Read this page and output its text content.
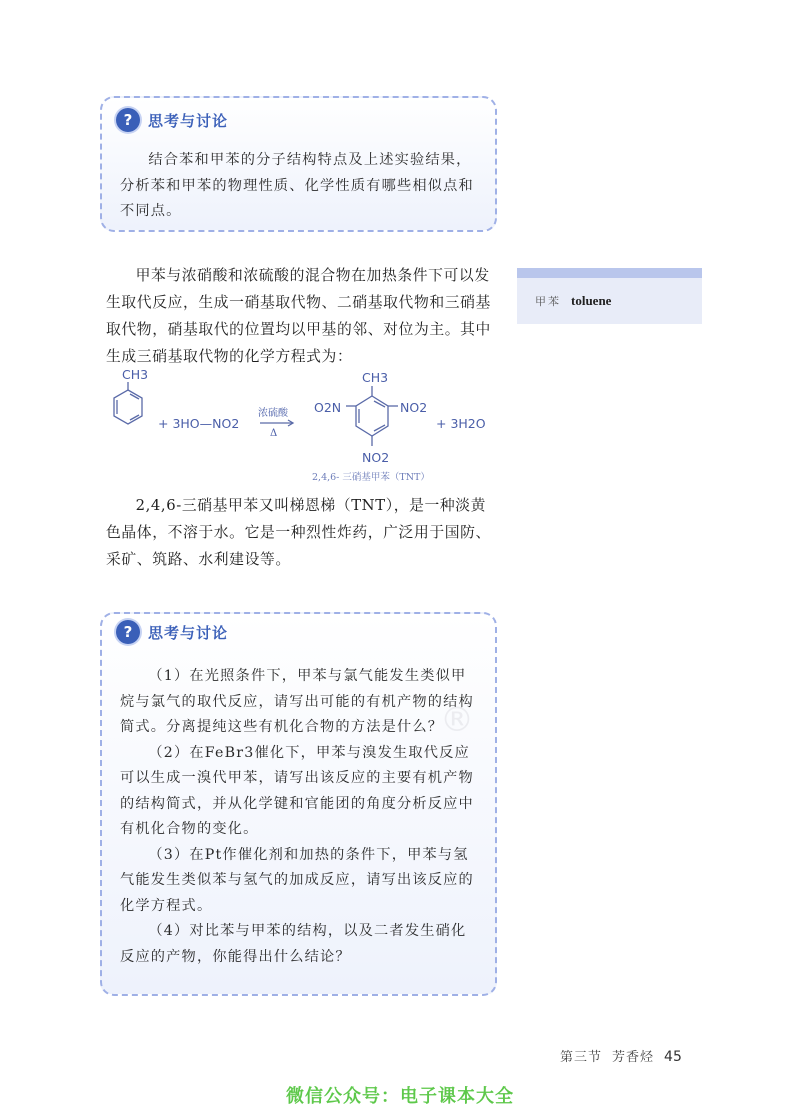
?	思考与讨论

结合苯和甲苯的分子结构特点及上述实验结果，分析苯和甲苯的物理性质、化学性质有哪些相似点和不同点。

甲苯与浓硝酸和浓硫酸的混合物在加热条件下可以发生取代反应，生成一硝基取代物、二硝基取代物和三硝基取代物，硝基取代的位置均以甲基的邻、对位为主。其中生成三硝基取代物的化学方程式为：

甲苯 toluene
CH3
+ 3HO—NO2
CH3
O2N	NO2
NO2
+ 3H2O
浓硫酸
Δ
2,4,6- 三硝基甲苯（TNT）

2,4,6-三硝基甲苯又叫梯恩梯（TNT），是一种淡黄色晶体，不溶于水。它是一种烈性炸药，广泛用于国防、采矿、筑路、水利建设等。

?	思考与讨论

（1）在光照条件下，甲苯与氯气能发生类似甲烷与氯气的取代反应，请写出可能的有机产物的结构简式。分离提纯这些有机化合物的方法是什么？

（2）在FeBr3催化下，甲苯与溴发生取代反应可以生成一溴代甲苯，请写出该反应的主要有机产物的结构简式，并从化学键和官能团的角度分析反应中有机化合物的变化。

（3）在Pt作催化剂和加热的条件下，甲苯与氢气能发生类似苯与氢气的加成反应，请写出该反应的化学方程式。

（4）对比苯与甲苯的结构，以及二者发生硝化反应的产物，你能得出什么结论？

®
第三节 芳香烃 45
微信公众号：电子课本大全
